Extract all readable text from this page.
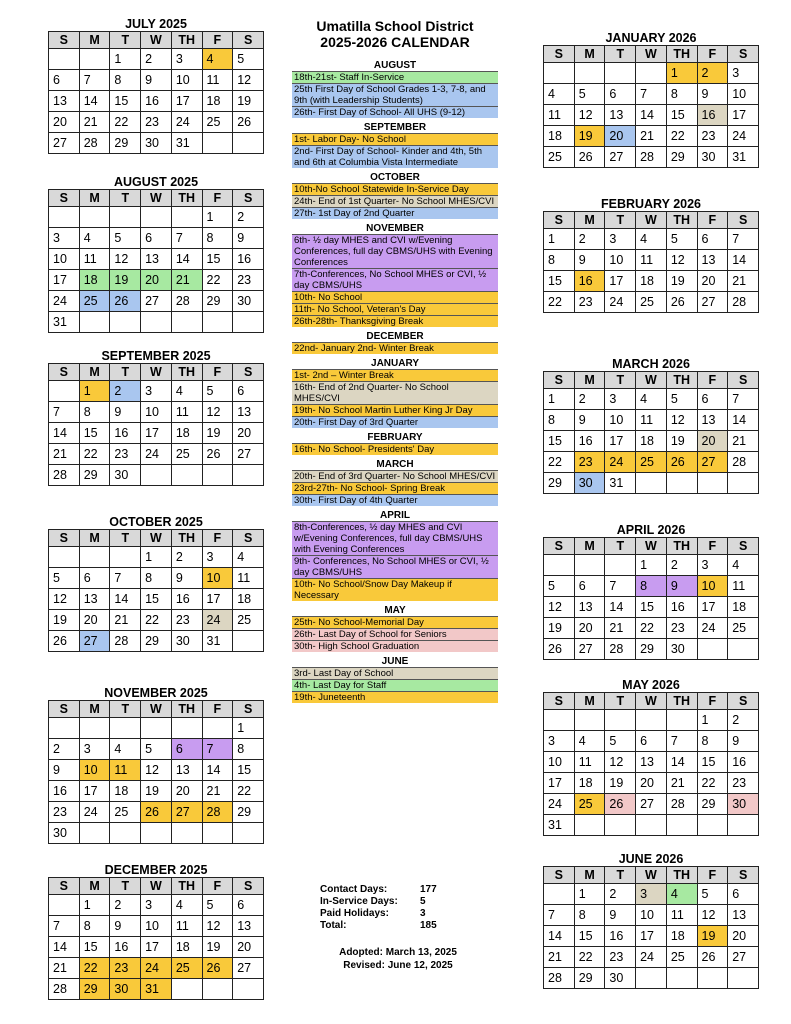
JULY 2025
S	M	T	W	TH	F	S
		1	2	3	4	5
6	7	8	9	10	11	12
13	14	15	16	17	18	19
20	21	22	23	24	25	26
27	28	29	30	31		
AUGUST 2025
S	M	T	W	TH	F	S
					1	2
3	4	5	6	7	8	9
10	11	12	13	14	15	16
17	18	19	20	21	22	23
24	25	26	27	28	29	30
31						
SEPTEMBER 2025
S	M	T	W	TH	F	S
	1	2	3	4	5	6
7	8	9	10	11	12	13
14	15	16	17	18	19	20
21	22	23	24	25	26	27
28	29	30				
OCTOBER 2025
S	M	T	W	TH	F	S
			1	2	3	4
5	6	7	8	9	10	11
12	13	14	15	16	17	18
19	20	21	22	23	24	25
26	27	28	29	30	31	
NOVEMBER 2025
S	M	T	W	TH	F	S
						1
2	3	4	5	6	7	8
9	10	11	12	13	14	15
16	17	18	19	20	21	22
23	24	25	26	27	28	29
30						
DECEMBER 2025
S	M	T	W	TH	F	S
	1	2	3	4	5	6
7	8	9	10	11	12	13
14	15	16	17	18	19	20
21	22	23	24	25	26	27
28	29	30	31			
JANUARY 2026
S	M	T	W	TH	F	S
				1	2	3
4	5	6	7	8	9	10
11	12	13	14	15	16	17
18	19	20	21	22	23	24
25	26	27	28	29	30	31
FEBRUARY 2026
S	M	T	W	TH	F	S
1	2	3	4	5	6	7
8	9	10	11	12	13	14
15	16	17	18	19	20	21
22	23	24	25	26	27	28
MARCH 2026
S	M	T	W	TH	F	S
1	2	3	4	5	6	7
8	9	10	11	12	13	14
15	16	17	18	19	20	21
22	23	24	25	26	27	28
29	30	31				
APRIL 2026
S	M	T	W	TH	F	S
			1	2	3	4
5	6	7	8	9	10	11
12	13	14	15	16	17	18
19	20	21	22	23	24	25
26	27	28	29	30		
MAY 2026
S	M	T	W	TH	F	S
					1	2
3	4	5	6	7	8	9
10	11	12	13	14	15	16
17	18	19	20	21	22	23
24	25	26	27	28	29	30
31						
JUNE 2026
S	M	T	W	TH	F	S
	1	2	3	4	5	6
7	8	9	10	11	12	13
14	15	16	17	18	19	20
21	22	23	24	25	26	27
28	29	30				
Umatilla School District
2025-2026 CALENDAR
AUGUST
18th-21st- Staff In-Service
25th First Day of School Grades 1-3, 7-8, and 9th (with Leadership Students)
26th- First Day of School- All UHS (9-12)
SEPTEMBER
1st- Labor Day- No School
2nd- First Day of School- Kinder and 4th, 5th and 6th at Columbia Vista Intermediate
OCTOBER
10th-No School Statewide In-Service Day
24th- End of 1st Quarter- No School MHES/CVI
27th- 1st Day of 2nd Quarter
NOVEMBER
6th- ½ day MHES and CVI w/Evening Conferences, full day CBMS/UHS with Evening Conferences
7th-Conferences, No School MHES or CVI, ½ day CBMS/UHS
10th- No School
11th- No School, Veteran's Day
26th-28th- Thanksgiving Break
DECEMBER
22nd- January 2nd- Winter Break
JANUARY
1st- 2nd – Winter Break
16th- End of 2nd Quarter- No School MHES/CVI
19th- No School Martin Luther King Jr Day
20th- First Day of 3rd Quarter
FEBRUARY
16th- No School- Presidents' Day
MARCH
20th- End of 3rd Quarter- No School MHES/CVI
23rd-27th- No School- Spring Break
30th- First Day of 4th Quarter
APRIL
8th-Conferences, ½ day MHES and CVI w/Evening Conferences, full day CBMS/UHS with Evening Conferences
9th- Conferences, No School MHES or CVI, ½ day CBMS/UHS
10th- No School/Snow Day Makeup if Necessary
MAY
25th- No School-Memorial Day
26th- Last Day of School for Seniors
30th- High School Graduation
JUNE
3rd- Last Day of School
4th- Last Day for Staff
19th- Juneteenth
Contact Days:	177
In-Service Days:	5
Paid Holidays:	3
Total:	185
Adopted: March 13, 2025
Revised: June 12, 2025
